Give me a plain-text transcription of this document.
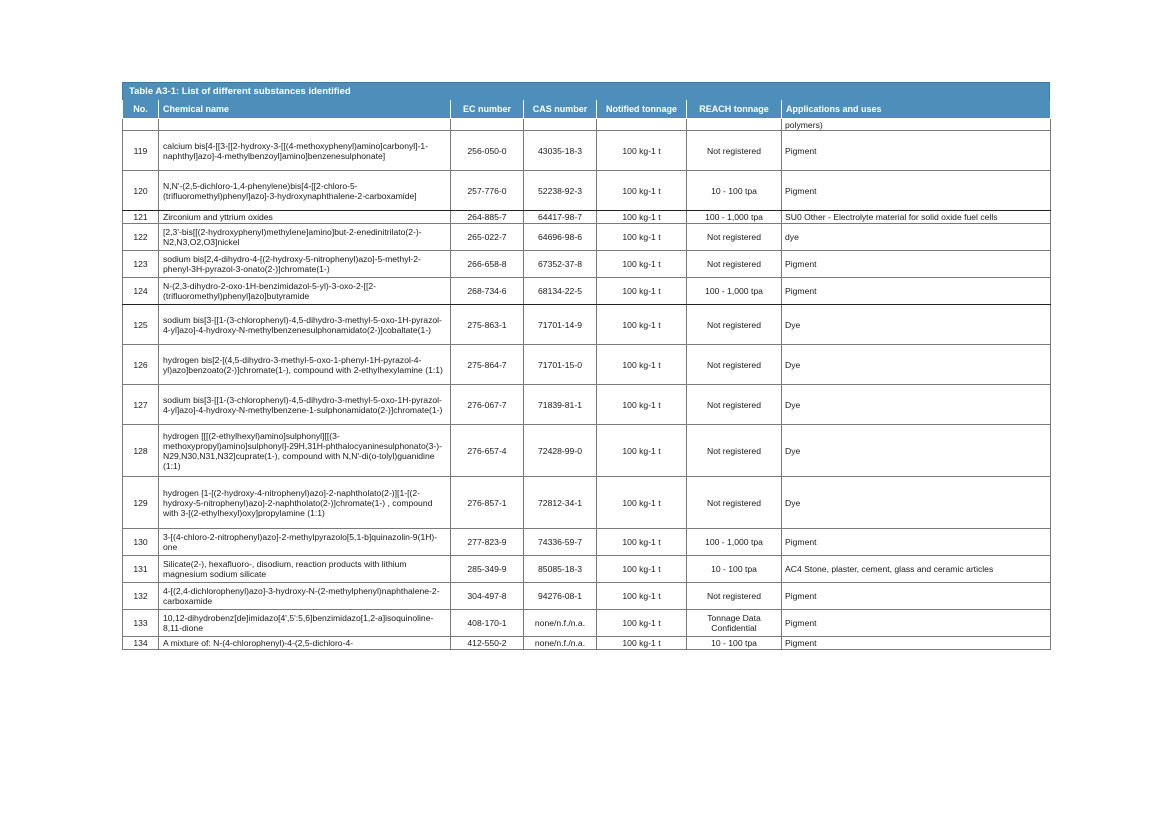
Table A3-1: List of different substances identified
No.	Chemical name	EC number	CAS number	Notified tonnage	REACH tonnage	Applications and uses
						polymers)
119	calcium bis[4-[[3-[[2-hydroxy-3-[[(4-methoxyphenyl)amino]carbonyl]-1-naphthyl]azo]-4-methylbenzoyl]amino]benzenesulphonate]	256-050-0	43035-18-3	100 kg-1 t	Not registered	Pigment
120	N,N'-(2,5-dichloro-1,4-phenylene)bis[4-[[2-chloro-5-(trifluoromethyl)phenyl]azo]-3-hydroxynaphthalene-2-carboxamide]	257-776-0	52238-92-3	100 kg-1 t	10 - 100 tpa	Pigment
121	Zirconium and yttrium oxides	264-885-7	64417-98-7	100 kg-1 t	100 - 1,000 tpa	SU0 Other - Electrolyte material for solid oxide fuel cells
122	[2,3'-bis[[(2-hydroxyphenyl)methylene]amino]but-2-enedinitrilato(2-)-N2,N3,O2,O3]nickel	265-022-7	64696-98-6	100 kg-1 t	Not registered	dye
123	sodium bis[2,4-dihydro-4-[(2-hydroxy-5-nitrophenyl)azo]-5-methyl-2-phenyl-3H-pyrazol-3-onato(2-)]chromate(1-)	266-658-8	67352-37-8	100 kg-1 t	Not registered	Pigment
124	N-(2,3-dihydro-2-oxo-1H-benzimidazol-5-yl)-3-oxo-2-[[2-(trifluoromethyl)phenyl]azo]butyramide	268-734-6	68134-22-5	100 kg-1 t	100 - 1,000 tpa	Pigment
125	sodium bis[3-[[1-(3-chlorophenyl)-4,5-dihydro-3-methyl-5-oxo-1H-pyrazol-4-yl]azo]-4-hydroxy-N-methylbenzenesulphonamidato(2-)]cobaltate(1-)	275-863-1	71701-14-9	100 kg-1 t	Not registered	Dye
126	hydrogen bis[2-[(4,5-dihydro-3-methyl-5-oxo-1-phenyl-1H-pyrazol-4-yl)azo]benzoato(2-)]chromate(1-), compound with 2-ethylhexylamine (1:1)	275-864-7	71701-15-0	100 kg-1 t	Not registered	Dye
127	sodium bis[3-[[1-(3-chlorophenyl)-4,5-dihydro-3-methyl-5-oxo-1H-pyrazol-4-yl]azo]-4-hydroxy-N-methylbenzene-1-sulphonamidato(2-)]chromate(1-)	276-067-7	71839-81-1	100 kg-1 t	Not registered	Dye
128	hydrogen [[[(2-ethylhexyl)amino]sulphonyl][[(3-methoxypropyl)amino]sulphonyl]-29H,31H-phthalocyaninesulphonato(3-)-N29,N30,N31,N32]cuprate(1-), compound with N,N'-di(o-tolyl)guanidine (1:1)	276-657-4	72428-99-0	100 kg-1 t	Not registered	Dye
129	hydrogen [1-[(2-hydroxy-4-nitrophenyl)azo]-2-naphtholato(2-)][1-[(2-hydroxy-5-nitrophenyl)azo]-2-naphtholato(2-)]chromate(1-) , compound with 3-[(2-ethylhexyl)oxy]propylamine (1:1)	276-857-1	72812-34-1	100 kg-1 t	Not registered	Dye
130	3-[(4-chloro-2-nitrophenyl)azo]-2-methylpyrazolo[5,1-b]quinazolin-9(1H)-one	277-823-9	74336-59-7	100 kg-1 t	100 - 1,000 tpa	Pigment
131	Silicate(2-), hexafluoro-, disodium, reaction products with lithium magnesium sodium silicate	285-349-9	85085-18-3	100 kg-1 t	10 - 100 tpa	AC4 Stone, plaster, cement, glass and ceramic articles
132	4-[(2,4-dichlorophenyl)azo]-3-hydroxy-N-(2-methylphenyl)naphthalene-2-carboxamide	304-497-8	94276-08-1	100 kg-1 t	Not registered	Pigment
133	10,12-dihydrobenz[de]imidazo[4',5':5,6]benzimidazo[1,2-a]isoquinoline-8,11-dione	408-170-1	none/n.f./n.a.	100 kg-1 t	Tonnage Data Confidential	Pigment
134	A mixture of: N-(4-chlorophenyl)-4-(2,5-dichloro-4-	412-550-2	none/n.f./n.a.	100 kg-1 t	10 - 100 tpa	Pigment
